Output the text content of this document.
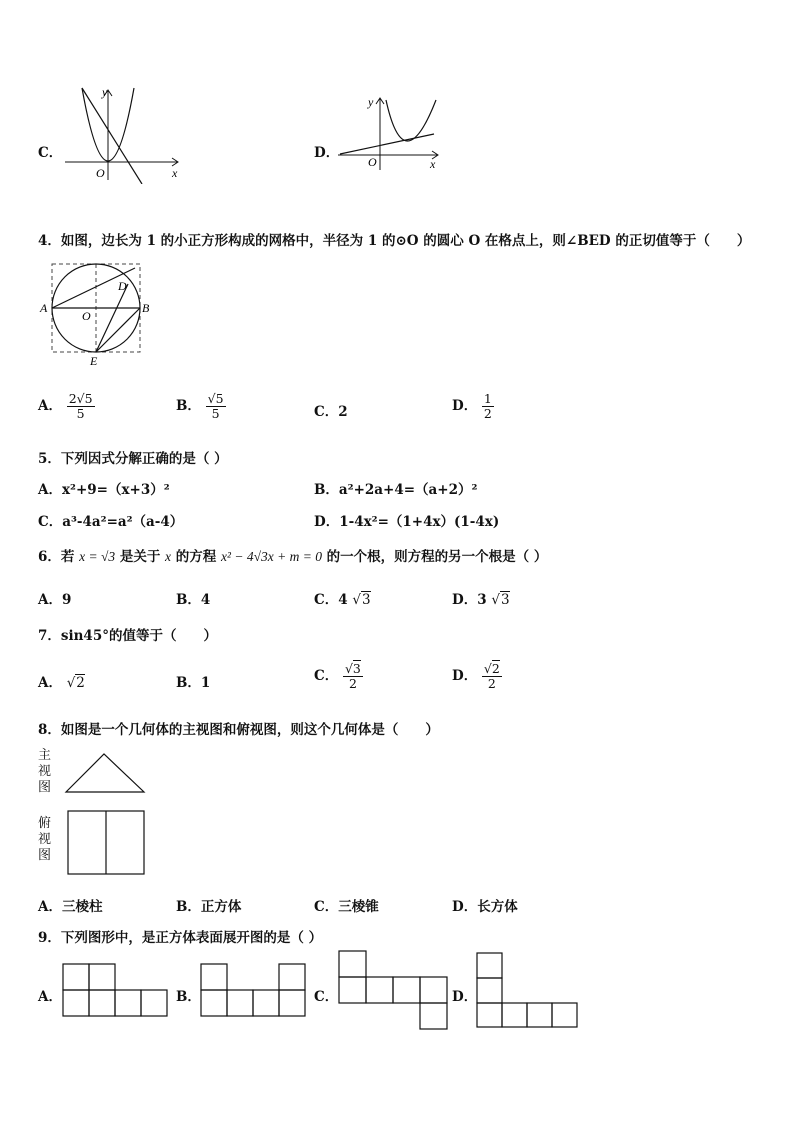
C．
x
y
O
D．
x
y
O
4．如图，边长为 1 的小正方形构成的网格中，半径为 1 的⊙O 的圆心 O 在格点上，则∠BED 的正切值等于（　　）
A	B
D
E
O
A． $\frac{2√5}{5}$	B． $\frac{√5}{5}$	C．2	D． $\frac{1}{2}$
5．下列因式分解正确的是（ ）
A．x²+9=（x+3）²	B．a²+2a+4=（a+2）²
C．a³-4a²=a²（a-4）	D．1-4x²=（1+4x）(1-4x)
6．若 x = √3 是关于 x 的方程 x² − 4√3x + m = 0 的一个根，则方程的另一个根是（ ）
A．9	B．4	C．4 √3	D．3 √3
7．sin45°的值等于（　　）
A． √2	B．1	C． $\frac{√3}{2}$	D． $\frac{√2}{2}$
8．如图是一个几何体的主视图和俯视图，则这个几何体是（　　）
主
视
图
俯
视
图
A．三棱柱	B．正方体	C．三棱锥	D．长方体
9．下列图形中，是正方体表面展开图的是（ ）
A．	B．	C．	D．
